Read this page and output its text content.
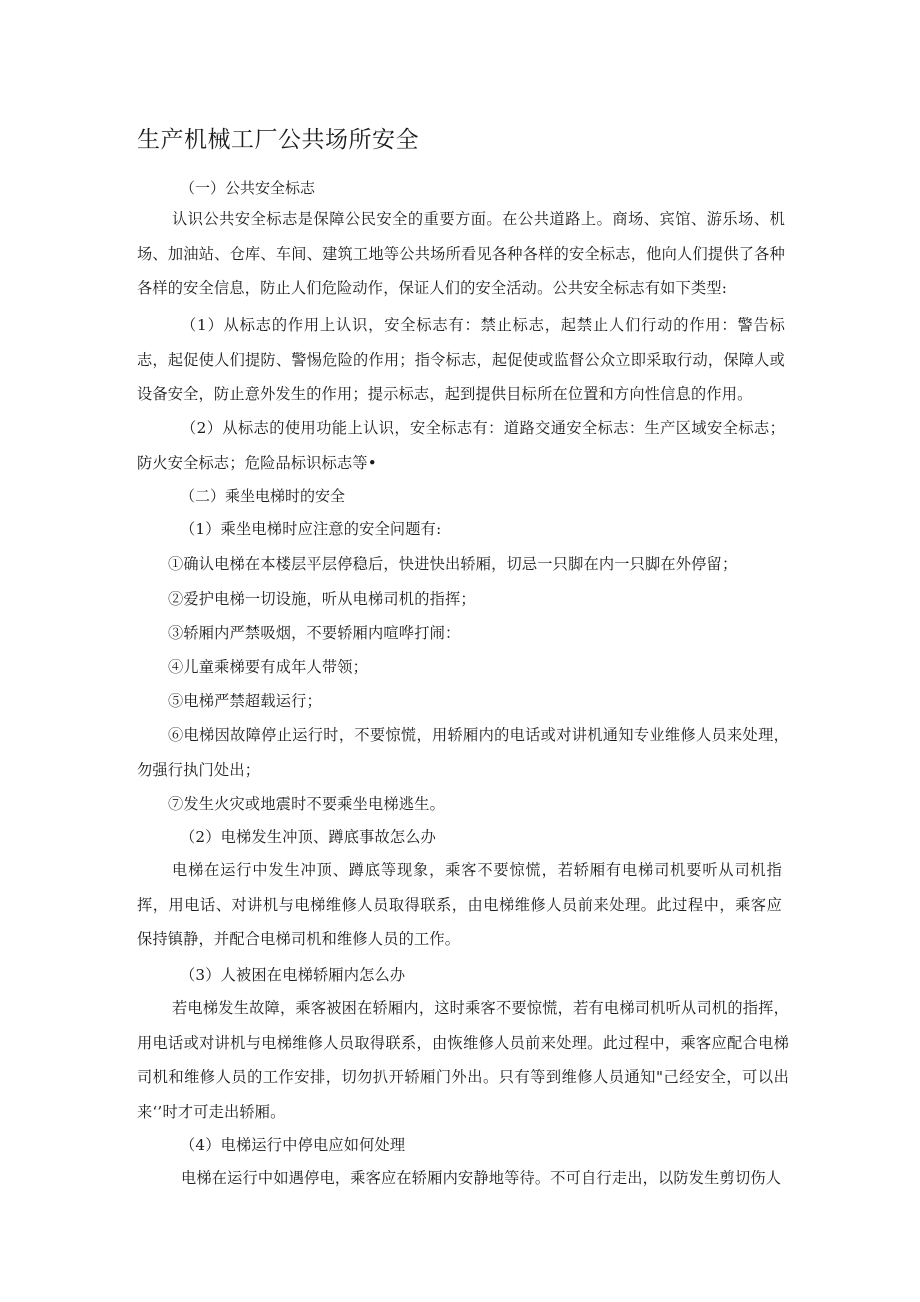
生产机械工厂公共场所安全

（一）公共安全标志

认识公共安全标志是保障公民安全的重要方面。在公共道路上。商场、宾馆、游乐场、机场、加油站、仓库、车间、建筑工地等公共场所看见各种各样的安全标志，他向人们提供了各种各样的安全信息，防止人们危险动作，保证人们的安全活动。公共安全标志有如下类型:

（1）从标志的作用上认识，安全标志有：禁止标志，起禁止人们行动的作用：警告标志，起促使人们提防、警惕危险的作用；指令标志，起促使或监督公众立即采取行动，保障人或设备安全，防止意外发生的作用；提示标志，起到提供目标所在位置和方向性信息的作用。

（2）从标志的使用功能上认识，安全标志有：道路交通安全标志：生产区域安全标志；防火安全标志；危险品标识标志等•

（二）乘坐电梯时的安全

（1）乘坐电梯时应注意的安全问题有:

①确认电梯在本楼层平层停稳后，快进快出轿厢，切忌一只脚在内一只脚在外停留；

②爱护电梯一切设施，听从电梯司机的指挥；

③轿厢内严禁吸烟，不要轿厢内喧哗打闹：

④儿童乘梯要有成年人带领；

⑤电梯严禁超载运行；

⑥电梯因故障停止运行时，不要惊慌，用轿厢内的电话或对讲机通知专业维修人员来处理，勿强行执门处出；

⑦发生火灾或地震时不要乘坐电梯逃生。

（2）电梯发生冲顶、蹲底事故怎么办

电梯在运行中发生冲顶、蹲底等现象，乘客不要惊慌，若轿厢有电梯司机要听从司机指挥，用电话、对讲机与电梯维修人员取得联系，由电梯维修人员前来处理。此过程中，乘客应保持镇静，并配合电梯司机和维修人员的工作。

（3）人被困在电梯轿厢内怎么办

若电梯发生故障，乘客被困在轿厢内，这时乘客不要惊慌，若有电梯司机听从司机的指挥，用电话或对讲机与电梯维修人员取得联系，由恢维修人员前来处理。此过程中，乘客应配合电梯司机和维修人员的工作安排，切勿扒开轿厢门外出。只有等到维修人员通知"己经安全，可以出来‘’时才可走出轿厢。

（4）电梯运行中停电应如何处理

电梯在运行中如遇停电，乘客应在轿厢内安静地等待。不可自行走出，以防发生剪切伤人
